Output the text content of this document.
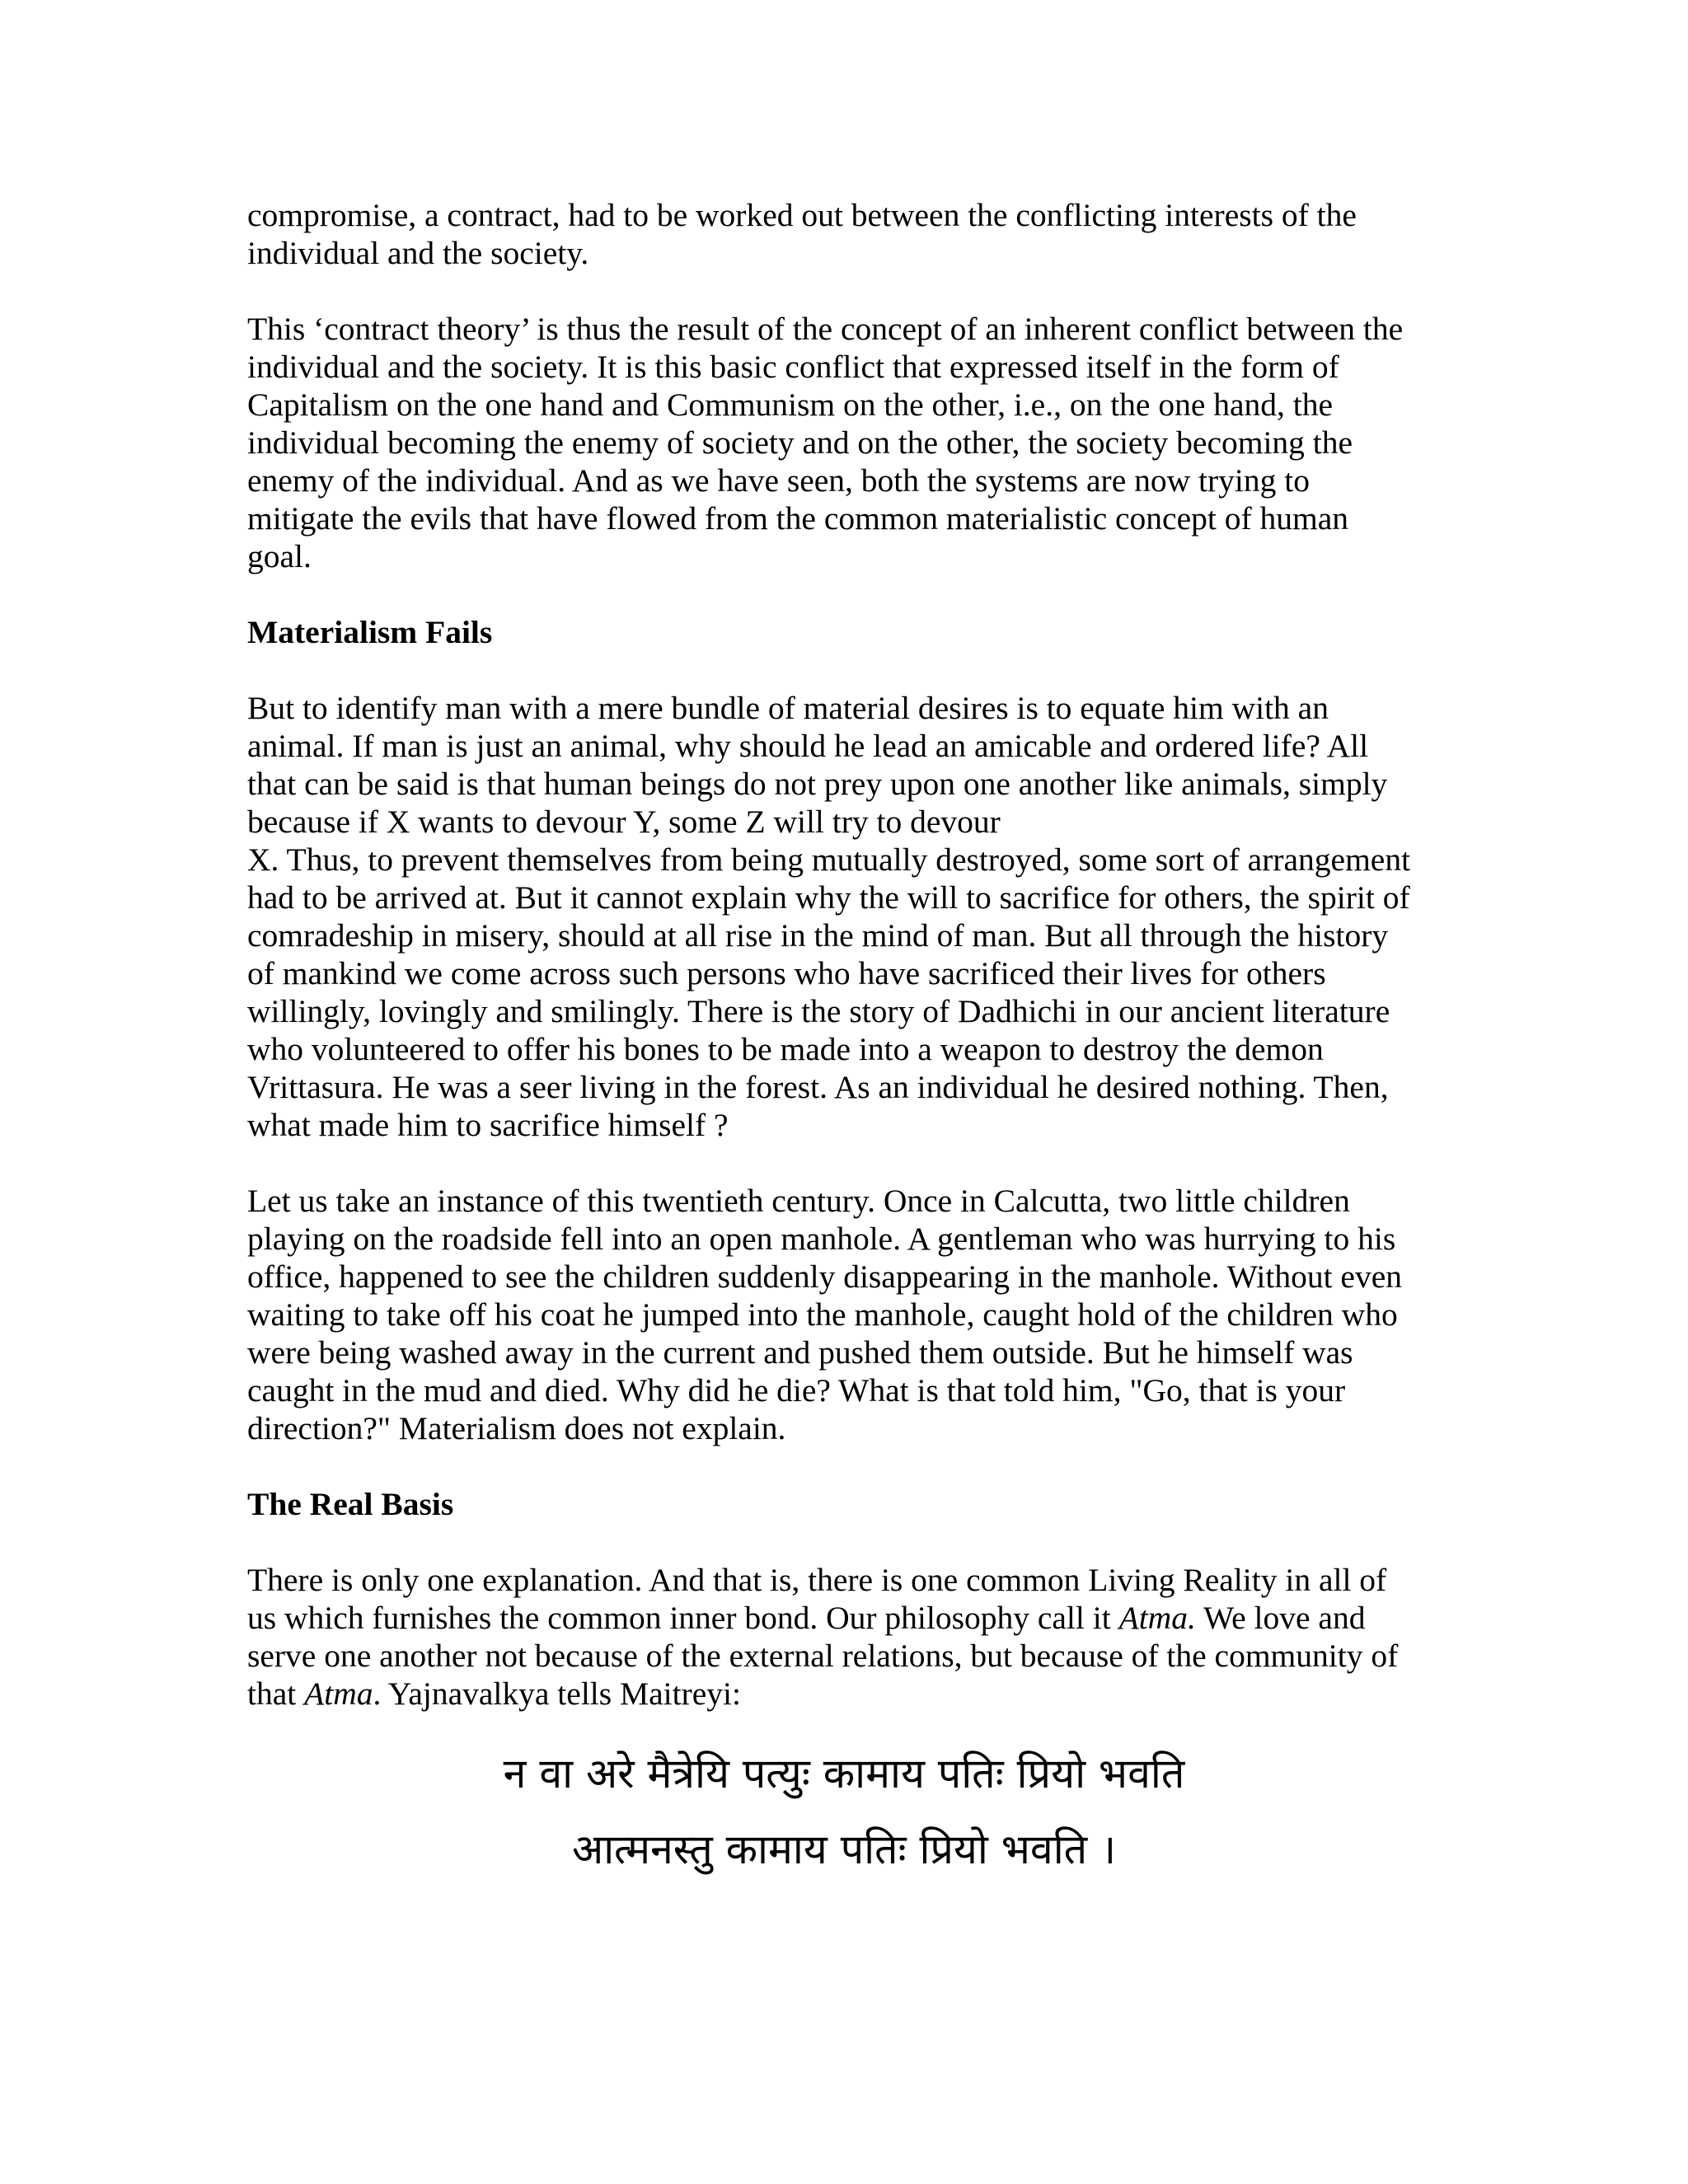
compromise, a contract, had to be worked out between the conflicting interests of the
individual and the society.
This ‘contract theory’ is thus the result of the concept of an inherent conflict between the
individual and the society. It is this basic conflict that expressed itself in the form of
Capitalism on the one hand and Communism on the other, i.e., on the one hand, the
individual becoming the enemy of society and on the other, the society becoming the
enemy of the individual. And as we have seen, both the systems are now trying to
mitigate the evils that have flowed from the common materialistic concept of human
goal.
Materialism Fails
But to identify man with a mere bundle of material desires is to equate him with an
animal. If man is just an animal, why should he lead an amicable and ordered life? All
that can be said is that human beings do not prey upon one another like animals, simply
because if X wants to devour Y, some Z will try to devour
X. Thus, to prevent themselves from being mutually destroyed, some sort of arrangement
had to be arrived at. But it cannot explain why the will to sacrifice for others, the spirit of
comradeship in misery, should at all rise in the mind of man. But all through the history
of mankind we come across such persons who have sacrificed their lives for others
willingly, lovingly and smilingly. There is the story of Dadhichi in our ancient literature
who volunteered to offer his bones to be made into a weapon to destroy the demon
Vrittasura. He was a seer living in the forest. As an individual he desired nothing. Then,
what made him to sacrifice himself ?
Let us take an instance of this twentieth century. Once in Calcutta, two little children
playing on the roadside fell into an open manhole. A gentleman who was hurrying to his
office, happened to see the children suddenly disappearing in the manhole. Without even
waiting to take off his coat he jumped into the manhole, caught hold of the children who
were being washed away in the current and pushed them outside. But he himself was
caught in the mud and died. Why did he die? What is that told him, "Go, that is your
direction?" Materialism does not explain.
The Real Basis
There is only one explanation. And that is, there is one common Living Reality in all of
us which furnishes the common inner bond. Our philosophy call it Atma. We love and
serve one another not because of the external relations, but because of the community of
that Atma. Yajnavalkya tells Maitreyi:
न वा अरे मैत्रेयि पत्युः कामाय पतिः प्रियो भवति
आत्मनस्तु कामाय पतिः प्रियो भवति ।
